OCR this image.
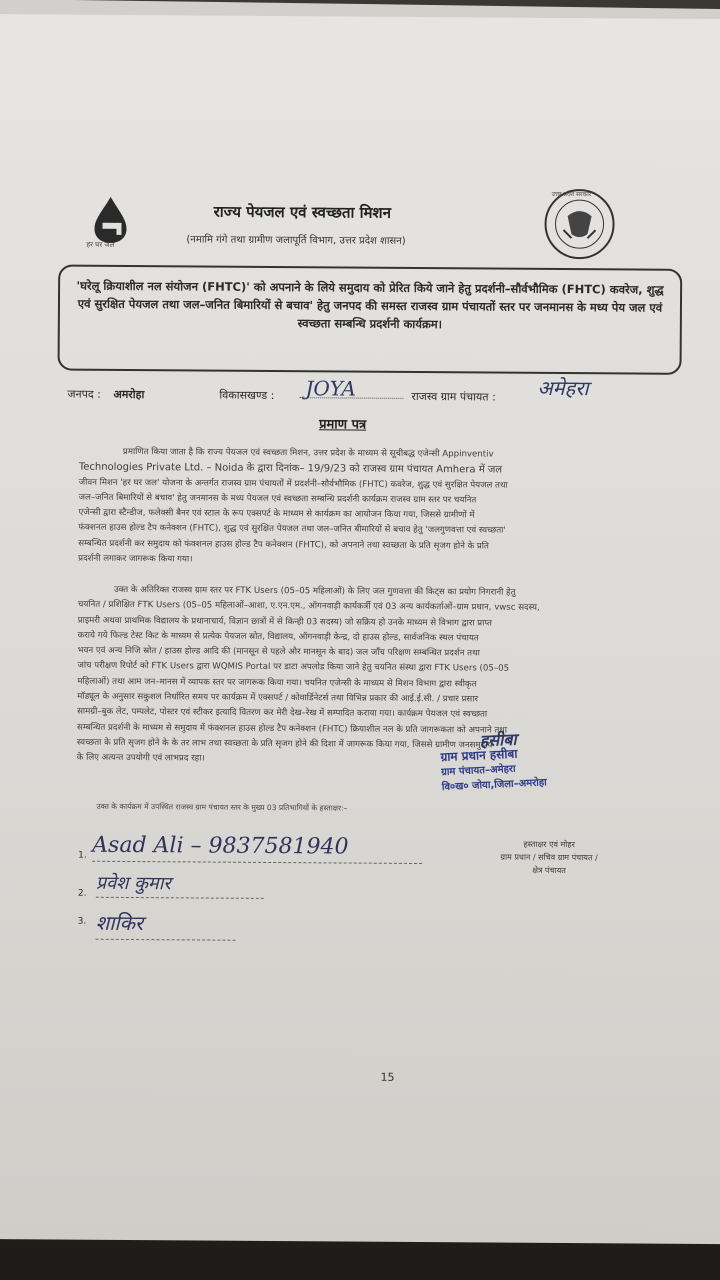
हर घर जल
राज्य पेयजल एवं स्वच्छता मिशन
(नमामि गंगे तथा ग्रामीण जलापूर्ति विभाग, उत्तर प्रदेश शासन)
उत्तर प्रदेश सरकार
'घरेलू क्रियाशील नल संयोजन (FHTC)' को अपनाने के लिये समुदाय को प्रेरित किये जाने हेतु प्रदर्शनी–सौर्वभौमिक (FHTC) कवरेज, शुद्ध एवं सुरक्षित पेयजल तथा जल–जनित बिमारियों से बचाव' हेतु जनपद की समस्त राजस्व ग्राम पंचायतों स्तर पर जनमानस के मध्य पेय जल एवं स्वच्छता सम्बन्धि प्रदर्शनी कार्यक्रम।
जनपद : अमरोहा	विकासखण्ड : JOYA	राजस्व ग्राम पंचायत : अमेहरा
प्रमाण पत्र
प्रमाणित किया जाता है कि राज्य पेयजल एवं स्वच्छता मिशन, उत्तर प्रदेश के माध्यम से सूचीबद्ध एजेन्सी Appinventiv
Technologies Private Ltd. – Noida के द्वारा दिनांक– 19/9/23 को राजस्व ग्राम पंचायत Amhera में जल
जीवन मिशन 'हर घर जल' योजना के अन्तर्गत राजस्व ग्राम पंचायतों में प्रदर्शनी–सौर्वभौमिक (FHTC) कवरेज, शुद्ध एवं सुरक्षित पेयजल तथा
जल–जनित बिमारियों से बचाव' हेतु जनमानस के मध्य पेयजल एवं स्वच्छता सम्बन्धि प्रदर्शनी कार्यक्रम राजस्व ग्राम स्तर पर चयनित
एजेन्सी द्वारा स्टैन्डीज, फलेक्सी बैनर एवं स्टाल के रूप एक्सपर्ट के माध्यम से कार्यक्रम का आयोजन किया गया, जिससे ग्रामीणों में
फंक्शनल हाउस होल्ड टैप कनेक्शन (FHTC), शुद्ध एवं सुरक्षित पेयजल तथा जल–जनित बीमारियों से बचाव हेतु 'जलगुणवत्ता एवं स्वच्छता'
सम्बन्धित प्रदर्शनी कर समुदाय को फंक्शनल हाउस होल्ड टैप कनेक्शन (FHTC), को अपनाने तथा स्वच्छता के प्रति सृजग होने के प्रति
प्रदर्शनी लगाकर जागरूक किया गया।
उक्त के अतिरिक्त राजस्व ग्राम स्तर पर FTK Users (05–05 महिलाओं) के लिए जल गुणवत्ता की किट्स का प्रयोग निगरानी हेतु
चयनित / प्रशिक्षित FTK Users (05–05 महिलाओं–आशा, ए.एन.एम., ऑगनवाड़ी कार्यकर्त्री एवं 03 अन्य कार्यकर्ताओं–ग्राम प्रधान, vwsc सदस्य,
प्राइमरी अथवा प्राथमिक विद्यालय के प्रधानाचार्य, विज्ञान छात्रों में से किन्ही 03 सदस्य) जो सक्रिय हो उनके माध्यम से विभाग द्वारा प्राप्त
कराये गये फिल्ड टेस्ट किट के माध्यम से प्रत्येक पेयजल स्रोत, विद्यालय, ऑगनवाड़ी केन्द्र, दो हाउस होल्ड, सार्वजनिक स्थल पंचायत
भवन एवं अन्य निजि स्रोत / हाउस होल्ड आदि की (मानसून से पहले और मानसून के बाद) जल जाँच परिक्षण सम्बन्धित प्रदर्शन तथा
जांच परीक्षण रिपोर्ट को FTK Users द्वारा WQMIS Portal पर डाटा अपलोड किया जाने हेतु चयनित संस्था द्वारा FTK Users (05–05
महिलाओं) तथा आम जन–मानस में व्यापक स्तर पर जागरूक किया गया। चयनित एजेन्सी के माध्यम से मिशन विभाग द्वारा स्वीकृत
मॉड्यूल के अनुसार सकुशल निर्धारित समय पर कार्यक्रम में एक्सपर्ट / कोवार्डिनेटर्स तथा विभिन्न प्रकार की आई.ई.सी. / प्रचार प्रसार
सामग्री–बुक लेट, पम्पलेट, पोस्टर एवं स्टीकर इत्यादि वितरण कर मेरी देख–रेख में सम्पादित कराया गया। कार्यक्रम पेयजल एवं स्वच्छता
सम्बन्धित प्रदर्शनी के माध्यम से समुदाय में फंक्शनल हाउस होल्ड टैप कनेक्शन (FHTC) क्रियाशील नल के प्रति जागरूकता को अपनाने तथा
स्वच्छता के प्रति सृजग होने के के तर लाभ तथा स्वच्छता के प्रति सृजग होने की दिशा में जागरूक किया गया, जिससे ग्रामीण जनसमुदाय
के लिए अत्यन्त उपयोगी एवं लाभप्रद रहा।
हसीबा
ग्राम प्रधान हसीबा
ग्राम पंचायत–अमेहरा
वि०ख० जोया,जिला–अमरोहा
उक्त के कार्यक्रम में उपस्थित राजस्व ग्राम पंचायत स्तर के मुख्य 03 प्रतिभागियों के हस्ताक्षर:–
हस्ताक्षर एवं मोहर
ग्राम प्रधान / सचिव ग्राम पंचायत /
क्षेत्र पंचायत
1. Asad Ali – 9837581940
2. प्रवेश कुमार
3. शाकिर
15
